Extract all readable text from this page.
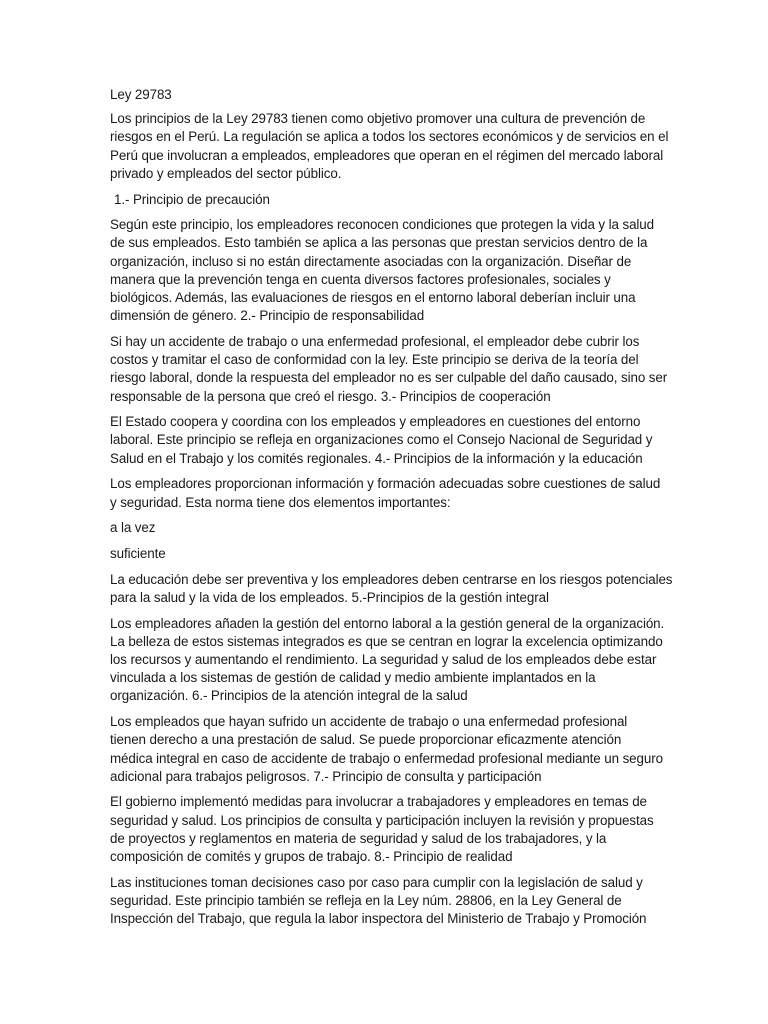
Ley 29783
Los principios de la Ley 29783 tienen como objetivo promover una cultura de prevención de
riesgos en el Perú. La regulación se aplica a todos los sectores económicos y de servicios en el
Perú que involucran a empleados, empleadores que operan en el régimen del mercado laboral
privado y empleados del sector público.
1.- Principio de precaución
Según este principio, los empleadores reconocen condiciones que protegen la vida y la salud
de sus empleados. Esto también se aplica a las personas que prestan servicios dentro de la
organización, incluso si no están directamente asociadas con la organización. Diseñar de
manera que la prevención tenga en cuenta diversos factores profesionales, sociales y
biológicos. Además, las evaluaciones de riesgos en el entorno laboral deberían incluir una
dimensión de género. 2.- Principio de responsabilidad
Si hay un accidente de trabajo o una enfermedad profesional, el empleador debe cubrir los
costos y tramitar el caso de conformidad con la ley. Este principio se deriva de la teoría del
riesgo laboral, donde la respuesta del empleador no es ser culpable del daño causado, sino ser
responsable de la persona que creó el riesgo. 3.- Principios de cooperación
El Estado coopera y coordina con los empleados y empleadores en cuestiones del entorno
laboral. Este principio se refleja en organizaciones como el Consejo Nacional de Seguridad y
Salud en el Trabajo y los comités regionales. 4.- Principios de la información y la educación
Los empleadores proporcionan información y formación adecuadas sobre cuestiones de salud
y seguridad. Esta norma tiene dos elementos importantes:
a la vez
suficiente
La educación debe ser preventiva y los empleadores deben centrarse en los riesgos potenciales
para la salud y la vida de los empleados. 5.-Principios de la gestión integral
Los empleadores añaden la gestión del entorno laboral a la gestión general de la organización.
La belleza de estos sistemas integrados es que se centran en lograr la excelencia optimizando
los recursos y aumentando el rendimiento. La seguridad y salud de los empleados debe estar
vinculada a los sistemas de gestión de calidad y medio ambiente implantados en la
organización. 6.- Principios de la atención integral de la salud
Los empleados que hayan sufrido un accidente de trabajo o una enfermedad profesional
tienen derecho a una prestación de salud. Se puede proporcionar eficazmente atención
médica integral en caso de accidente de trabajo o enfermedad profesional mediante un seguro
adicional para trabajos peligrosos. 7.- Principio de consulta y participación
El gobierno implementó medidas para involucrar a trabajadores y empleadores en temas de
seguridad y salud. Los principios de consulta y participación incluyen la revisión y propuestas
de proyectos y reglamentos en materia de seguridad y salud de los trabajadores, y la
composición de comités y grupos de trabajo. 8.- Principio de realidad
Las instituciones toman decisiones caso por caso para cumplir con la legislación de salud y
seguridad. Este principio también se refleja en la Ley núm. 28806, en la Ley General de
Inspección del Trabajo, que regula la labor inspectora del Ministerio de Trabajo y Promoción
